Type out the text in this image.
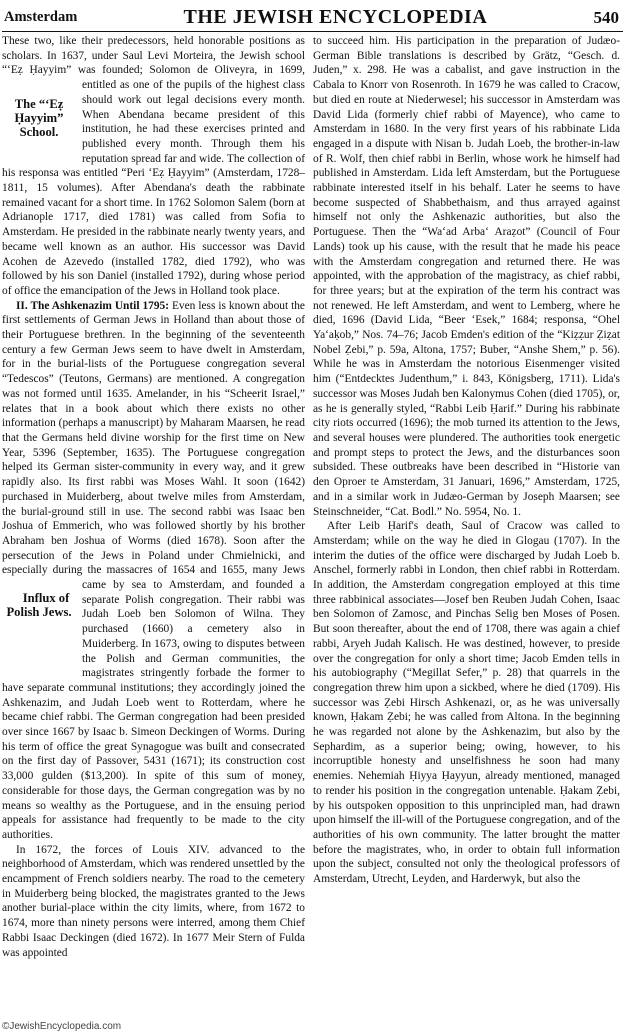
Amsterdam	THE JEWISH ENCYCLOPEDIA	540

These two, like their predecessors, held honorable positions as scholars. In 1637, under Saul Levi Morteira, the Jewish school “‘Eẓ Ḥayyim” was founded; Solomon de Oliveyra, in 1699, entitled as one of the
The “‘Eẓ Ḥayyim” School.
pupils of the highest class should work out legal decisions every month. When Abendana became president of this institution, he had these exercises printed and published every month. Through them his reputation spread far and wide. The collection of his responsa was entitled “Peri ‘Eẓ Ḥayyim” (Amsterdam, 1728–1811, 15 volumes). After Abendana's death the rabbinate remained vacant for a short time. In 1762 Solomon Salem (born at Adrianople 1717, died 1781) was called from Sofia to Amsterdam. He presided in the rabbinate nearly twenty years, and became well known as an author. His successor was David Acohen de Azevedo (installed 1782, died 1792), who was followed by his son Daniel (installed 1792), during whose period of office the emancipation of the Jews in Holland took place.

II. The Ashkenazim Until 1795: Even less is known about the first settlements of German Jews in Holland than about those of their Portuguese brethren. In the beginning of the seventeenth century a few German Jews seem to have dwelt in Amsterdam, for in the burial-lists of the Portuguese congregation several “Tedescos” (Teutons, Germans) are mentioned. A congregation was not formed until 1635. Amelander, in his “Scheerit Israel,” relates that in a book about which there exists no other information (perhaps a manuscript) by Maharam Maarsen, he read that the Germans held divine worship for the first time on New Year, 5396 (September, 1635). The Portuguese congregation helped its German sister-community in every way, and it grew rapidly also. Its first rabbi was Moses Wahl. It soon (1642) purchased in Muiderberg, about twelve miles from Amsterdam, the burial-ground still in use. The second rabbi was Isaac ben Joshua of Emmerich, who was followed shortly by his brother Abraham ben Joshua of Worms (died 1678). Soon after the persecution of the Jews in Poland under Chmielnicki, and especially during the massacres of 1654 and 1655, many Jews came by sea to Amsterdam, and founded a
Influx of Polish Jews.
separate Polish congregation. Their rabbi was Judah Loeb ben Solomon of Wilna. They purchased (1660) a cemetery also in Muiderberg. In 1673, owing to disputes between the Polish and German communities, the magistrates stringently forbade the former to have separate communal institutions; they accordingly joined the Ashkenazim, and Judah Loeb went to Rotterdam, where he became chief rabbi. The German congregation had been presided over since 1667 by Isaac b. Simeon Deckingen of Worms. During his term of office the great Synagogue was built and consecrated on the first day of Passover, 5431 (1671); its construction cost 33,000 gulden ($13,200). In spite of this sum of money, considerable for those days, the German congregation was by no means so wealthy as the Portuguese, and in the ensuing period appeals for assistance had frequently to be made to the city authorities.

In 1672, the forces of Louis XIV. advanced to the neighborhood of Amsterdam, which was rendered unsettled by the encampment of French soldiers nearby. The road to the cemetery in Muiderberg being blocked, the magistrates granted to the Jews another burial-place within the city limits, where, from 1672 to 1674, more than ninety persons were interred, among them Chief Rabbi Isaac Deckingen (died 1672). In 1677 Meir Stern of Fulda was appointed

to succeed him. His participation in the preparation of Judæo-German Bible translations is described by Grätz, “Gesch. d. Juden,” x. 298. He was a cabalist, and gave instruction in the Cabala to Knorr von Rosenroth. In 1679 he was called to Cracow, but died en route at Niederwesel; his successor in Amsterdam was David Lida (formerly chief rabbi of Mayence), who came to Amsterdam in 1680. In the very first years of his rabbinate Lida engaged in a dispute with Nisan b. Judah Loeb, the brother-in-law of R. Wolf, then chief rabbi in Berlin, whose work he himself had published in Amsterdam. Lida left Amsterdam, but the Portuguese rabbinate interested itself in his behalf. Later he seems to have become suspected of Shabbethaism, and thus arrayed against himself not only the Ashkenazic authorities, but also the Portuguese. Then the “Wa‘ad Arba‘ Araẓot” (Council of Four Lands) took up his cause, with the result that he made his peace with the Amsterdam congregation and returned there. He was appointed, with the approbation of the magistracy, as chief rabbi, for three years; but at the expiration of the term his contract was not renewed. He left Amsterdam, and went to Lemberg, where he died, 1696 (David Lida, “Beer ‘Esek,” 1684; responsa, “Ohel Ya‘aḳob,” Nos. 74–76; Jacob Emden's edition of the “Kiẓẓur Ẓiẓat Nobel Ẓebi,” p. 59a, Altona, 1757; Buber, “Anshe Shem,” p. 56). While he was in Amsterdam the notorious Eisenmenger visited him (“Entdecktes Judenthum,” i. 843, Königsberg, 1711). Lida's successor was Moses Judah ben Kalonymus Cohen (died 1705), or, as he is generally styled, “Rabbi Leib Ḥarif.” During his rabbinate city riots occurred (1696); the mob turned its attention to the Jews, and several houses were plundered. The authorities took energetic and prompt steps to protect the Jews, and the disturbances soon subsided. These outbreaks have been described in “Historie van den Oproer te Amsterdam, 31 Januari, 1696,” Amsterdam, 1725, and in a similar work in Judæo-German by Joseph Maarsen; see Steinschneider, “Cat. Bodl.” No. 5954, No. 1.

After Leib Ḥarif's death, Saul of Cracow was called to Amsterdam; while on the way he died in Glogau (1707). In the interim the duties of the office were discharged by Judah Loeb b. Anschel, formerly rabbi in London, then chief rabbi in Rotterdam. In addition, the Amsterdam congregation employed at this time three rabbinical associates—Josef ben Reuben Judah Cohen, Isaac ben Solomon of Zamosc, and Pinchas Selig ben Moses of Posen. But soon thereafter, about the end of 1708, there was again a chief rabbi, Aryeh Judah Kalisch. He was destined, however, to preside over the congregation for only a short time; Jacob Emden tells in his autobiography (“Megillat Sefer,” p. 28) that quarrels in the congregation threw him upon a sickbed, where he died (1709). His successor was Ẓebi Hirsch Ashkenazi, or, as he was universally known, Ḥakam Ẓebi; he was called from Altona. In the beginning he was regarded not alone by the Ashkenazim, but also by the Sephardim, as a superior being; owing, however, to his incorruptible honesty and unselfishness he soon had many enemies. Nehemiah Ḥiyya Ḥayyun, already mentioned, managed to render his position in the congregation untenable. Ḥakam Ẓebi, by his outspoken opposition to this unprincipled man, had drawn upon himself the ill-will of the Portuguese congregation, and of the authorities of his own community. The latter brought the matter before the magistrates, who, in order to obtain full information upon the subject, consulted not only the theological professors of Amsterdam, Utrecht, Leyden, and Harderwyk, but also the

©JewishEncyclopedia.com
